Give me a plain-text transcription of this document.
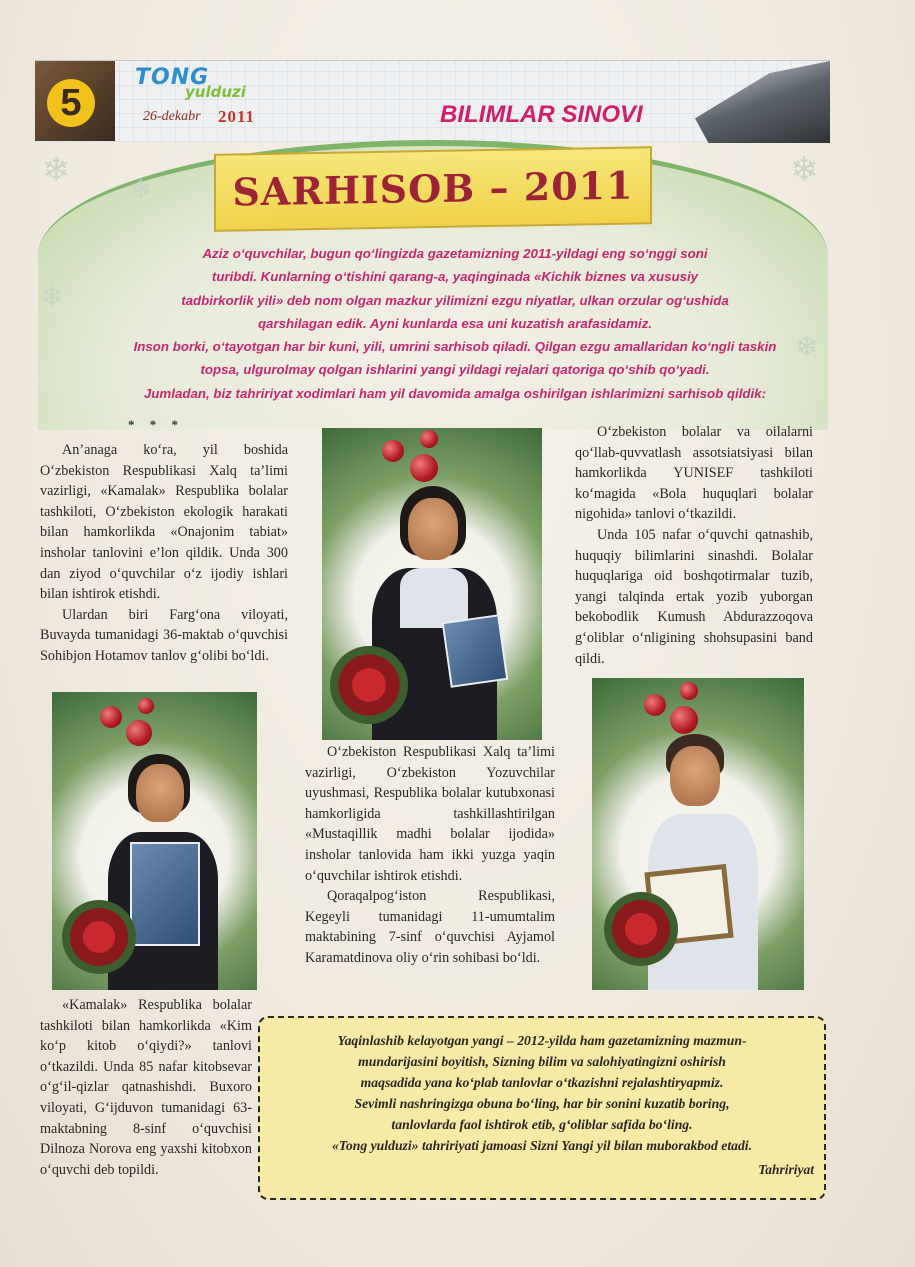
5
TONG
yulduzi
26-dekabr 2011	BILIMLAR SINOVI
❄	❄
❄
❄
❄
SARHISOB – 2011
Aziz o‘quvchilar, bugun qo‘lingizda gazetamizning 2011-yildagi eng so‘nggi soni
turibdi. Kunlarning o‘tishini qarang-a, yaqinginada «Kichik biznes va xususiy
tadbirkorlik yili» deb nom olgan mazkur yilimizni ezgu niyatlar, ulkan orzular og‘ushida
qarshilagan edik. Ayni kunlarda esa uni kuzatish arafasidamiz.
Inson borki, o‘tayotgan har bir kuni, yili, umrini sarhisob qiladi. Qilgan ezgu amallaridan ko‘ngli taskin
topsa, ulgurolmay qolgan ishlarini yangi yildagi rejalari qatoriga qo‘shib qo‘yadi.
Jumladan, biz tahririyat xodimlari ham yil davomida amalga oshirilgan ishlarimizni sarhisob qildik:
* * *

An’anaga ko‘ra, yil boshida O‘zbekiston Respublikasi Xalq ta’limi vazirligi, «Kamalak» Respublika bolalar tashkiloti, O‘zbekiston ekologik harakati bilan hamkorlikda «Onajonim tabiat» insholar tanlovini e’lon qildik. Unda 300 dan ziyod o‘quvchilar o‘z ijodiy ishlari bilan ishtirok etishdi.

Ulardan biri Farg‘ona viloyati, Buvayda tumanidagi 36-maktab o‘quvchisi Sohibjon Hotamov tanlov g‘olibi bo‘ldi.

O‘zbekiston bolalar va oilalarni qo‘llab-quvvatlash assotsiatsiyasi bilan hamkorlikda YUNISEF tashkiloti ko‘magida «Bola huquqlari bolalar nigohida» tanlovi o‘tkazildi.

Unda 105 nafar o‘quvchi qatnashib, huquqiy bilimlarini sinashdi. Bolalar huquqlariga oid boshqotirmalar tuzib, yangi talqinda ertak yozib yuborgan bekobodlik Kumush Abdurazzoqova g‘oliblar o‘nligining shohsupasini band qildi.

O‘zbekiston Respublikasi Xalq ta’limi vazirligi, O‘zbekiston Yozuvchilar uyushmasi, Respublika bolalar kutubxonasi hamkorligida tashkillashtirilgan «Mustaqillik madhi bolalar ijodida» insholar tanlovida ham ikki yuzga yaqin o‘quvchilar ishtirok etishdi.

Qoraqalpog‘iston Respublikasi, Kegeyli tumanidagi 11-umumtalim maktabining 7-sinf o‘quvchisi Ayjamol Karamatdinova oliy o‘rin sohibasi bo‘ldi.

«Kamalak» Respublika bolalar tashkiloti bilan hamkorlikda «Kim ko‘p kitob o‘qiydi?» tanlovi o‘tkazildi. Unda 85 nafar kitobsevar o‘g‘il-qizlar qatnashishdi. Buxoro viloyati, G‘ijduvon tumanidagi 63-maktabning 8-sinf o‘quvchisi Dilnoza Norova eng yaxshi kitobxon o‘quvchi deb topildi.

Yaqinlashib kelayotgan yangi – 2012-yilda ham gazetamizning mazmun-
mundarijasini boyitish, Sizning bilim va salohiyatingizni oshirish
maqsadida yana ko‘plab tanlovlar o‘tkazishni rejalashtiryapmiz.
Sevimli nashringizga obuna bo‘ling, har bir sonini kuzatib boring,
tanlovlarda faol ishtirok etib, g‘oliblar safida bo‘ling.
«Tong yulduzi» tahririyati jamoasi Sizni Yangi yil bilan muborakbod etadi.
Tahririyat
